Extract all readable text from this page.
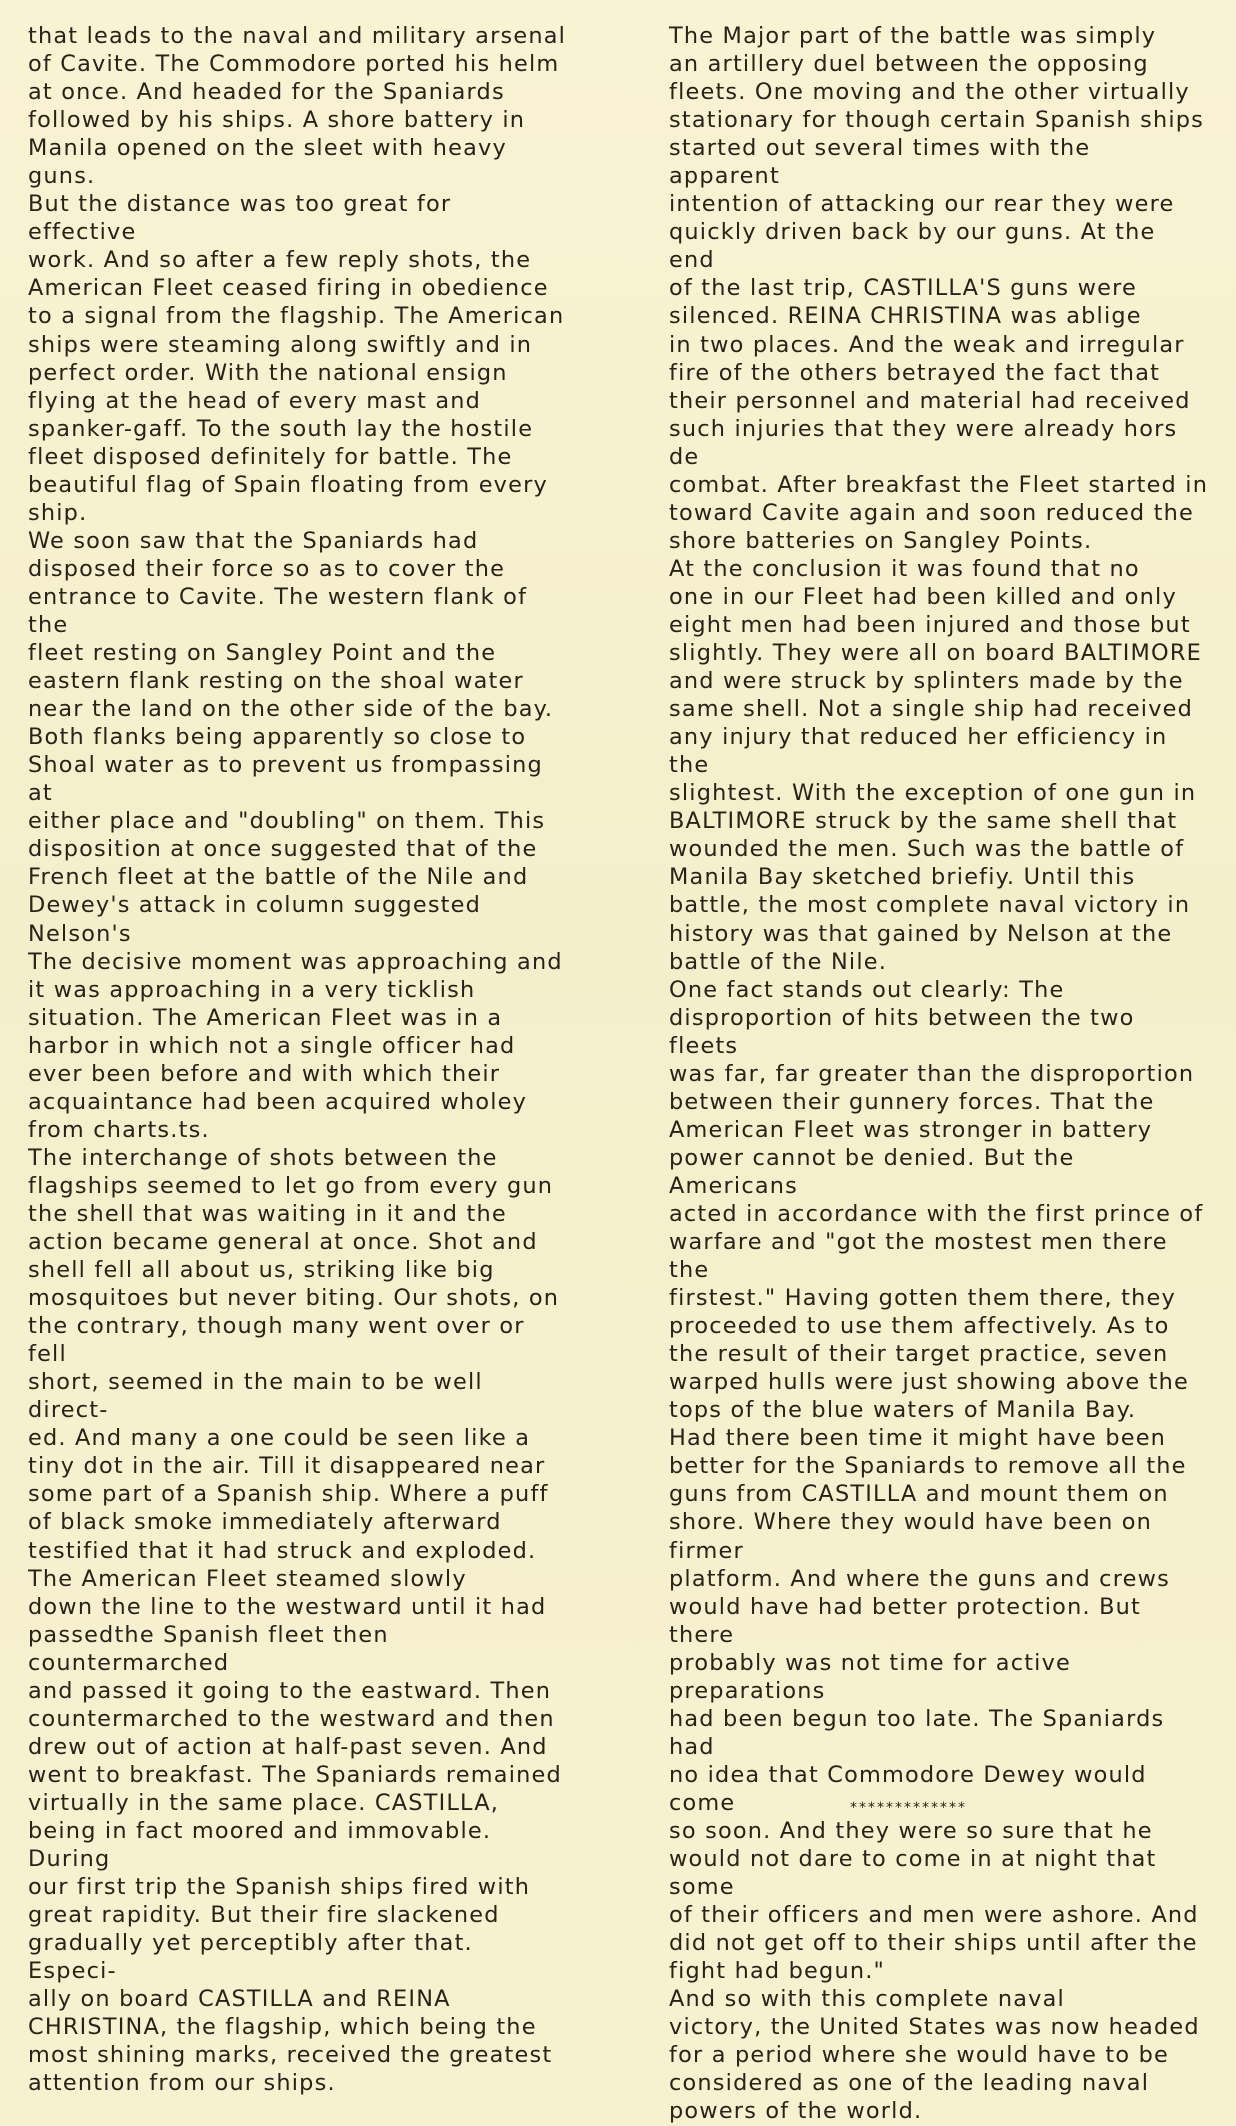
that leads to the naval and military arsenal
of Cavite. The Commodore ported his helm
at once. And headed for the Spaniards
followed by his ships. A shore battery in
Manila opened on the sleet with heavy guns.
But the distance was too great for effective
work. And so after a few reply shots, the
American Fleet ceased firing in obedience
to a signal from the flagship. The American
ships were steaming along swiftly and in
perfect order. With the national ensign
flying at the head of every mast and
spanker-gaff. To the south lay the hostile
fleet disposed definitely for battle. The
beautiful flag of Spain floating from every
ship.

We soon saw that the Spaniards had
disposed their force so as to cover the
entrance to Cavite. The western flank of the
fleet resting on Sangley Point and the
eastern flank resting on the shoal water
near the land on the other side of the bay.
Both flanks being apparently so close to
Shoal water as to prevent us frompassing at
either place and "doubling" on them. This
disposition at once suggested that of the
French fleet at the battle of the Nile and
Dewey's attack in column suggested Nelson's
The decisive moment was approaching and
it was approaching in a very ticklish
situation. The American Fleet was in a
harbor in which not a single officer had
ever been before and with which their
acquaintance had been acquired wholey
from charts.ts.

The interchange of shots between the
flagships seemed to let go from every gun
the shell that was waiting in it and the
action became general at once. Shot and
shell fell all about us, striking like big
mosquitoes but never biting. Our shots, on
the contrary, though many went over or fell
short, seemed in the main to be well direct-
ed. And many a one could be seen like a
tiny dot in the air. Till it disappeared near
some part of a Spanish ship. Where a puff
of black smoke immediately afterward
testified that it had struck and exploded.

The American Fleet steamed slowly
down the line to the westward until it had
passedthe Spanish fleet then countermarched
and passed it going to the eastward. Then
countermarched to the westward and then
drew out of action at half-past seven. And
went to breakfast. The Spaniards remained
virtually in the same place. CASTILLA,
being in fact moored and immovable. During
our first trip the Spanish ships fired with
great rapidity. But their fire slackened
gradually yet perceptibly after that. Especi-
ally on board CASTILLA and REINA
CHRISTINA, the flagship, which being the
most shining marks, received the greatest
attention from our ships.

The Major part of the battle was simply
an artillery duel between the opposing
fleets. One moving and the other virtually
stationary for though certain Spanish ships
started out several times with the apparent
intention of attacking our rear they were
quickly driven back by our guns. At the end
of the last trip, CASTILLA'S guns were
silenced. REINA CHRISTINA was ablige
in two places. And the weak and irregular
fire of the others betrayed the fact that
their personnel and material had received
such injuries that they were already hors de
combat. After breakfast the Fleet started in
toward Cavite again and soon reduced the
shore batteries on Sangley Points.

At the conclusion it was found that no
one in our Fleet had been killed and only
eight men had been injured and those but
slightly. They were all on board BALTIMORE
and were struck by splinters made by the
same shell. Not a single ship had received
any injury that reduced her efficiency in the
slightest. With the exception of one gun in
BALTIMORE struck by the same shell that
wounded the men. Such was the battle of
Manila Bay sketched briefiy. Until this
battle, the most complete naval victory in
history was that gained by Nelson at the
battle of the Nile.

One fact stands out clearly: The
disproportion of hits between the two fleets
was far, far greater than the disproportion
between their gunnery forces. That the
American Fleet was stronger in battery
power cannot be denied. But the Americans
acted in accordance with the first prince of
warfare and "got the mostest men there the
firstest." Having gotten them there, they
proceeded to use them affectively. As to
the result of their target practice, seven
warped hulls were just showing above the
tops of the blue waters of Manila Bay.

Had there been time it might have been
better for the Spaniards to remove all the
guns from CASTILLA and mount them on
shore. Where they would have been on firmer
platform. And where the guns and crews
would have had better protection. But there
probably was not time for active preparations
had been begun too late. The Spaniards had
no idea that Commodore Dewey would come
so soon. And they were so sure that he
would not dare to come in at night that some
of their officers and men were ashore. And
did not get off to their ships until after the
fight had begun."

And so with this complete naval
victory, the United States was now headed
for a period where she would have to be
considered as one of the leading naval
powers of the world.

*************
